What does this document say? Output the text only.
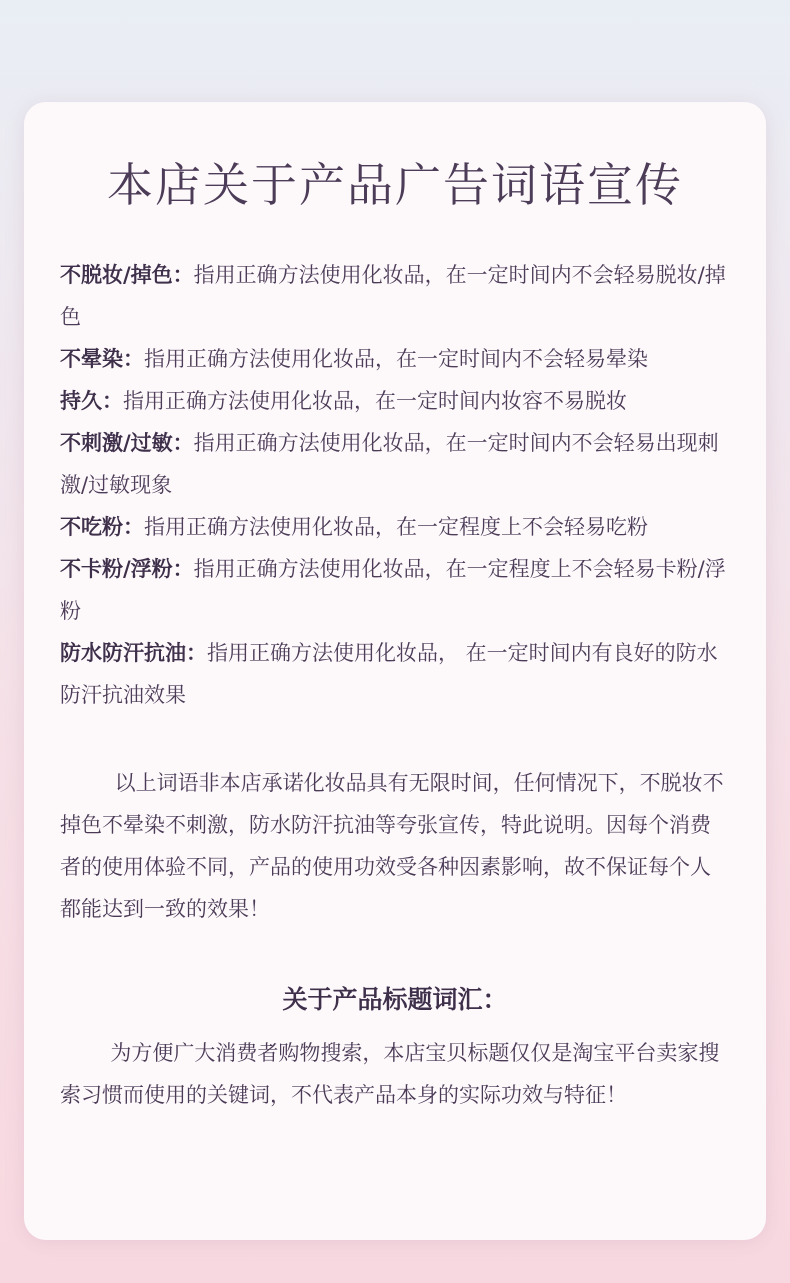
本店关于产品广告词语宣传
不脱妆/掉色：指用正确方法使用化妆品，在一定时间内不会轻易脱妆/掉色
不晕染：指用正确方法使用化妆品，在一定时间内不会轻易晕染
持久：指用正确方法使用化妆品，在一定时间内妆容不易脱妆
不刺激/过敏：指用正确方法使用化妆品，在一定时间内不会轻易出现刺激/过敏现象
不吃粉：指用正确方法使用化妆品，在一定程度上不会轻易吃粉
不卡粉/浮粉：指用正确方法使用化妆品，在一定程度上不会轻易卡粉/浮粉
防水防汗抗油：指用正确方法使用化妆品， 在一定时间内有良好的防水防汗抗油效果

以上词语非本店承诺化妆品具有无限时间，任何情况下，不脱妆不掉色不晕染不刺激，防水防汗抗油等夸张宣传，特此说明。因每个消费者的使用体验不同，产品的使用功效受各种因素影响，故不保证每个人都能达到一致的效果！

关于产品标题词汇：

为方便广大消费者购物搜索，本店宝贝标题仅仅是淘宝平台卖家搜索习惯而使用的关键词，不代表产品本身的实际功效与特征！
